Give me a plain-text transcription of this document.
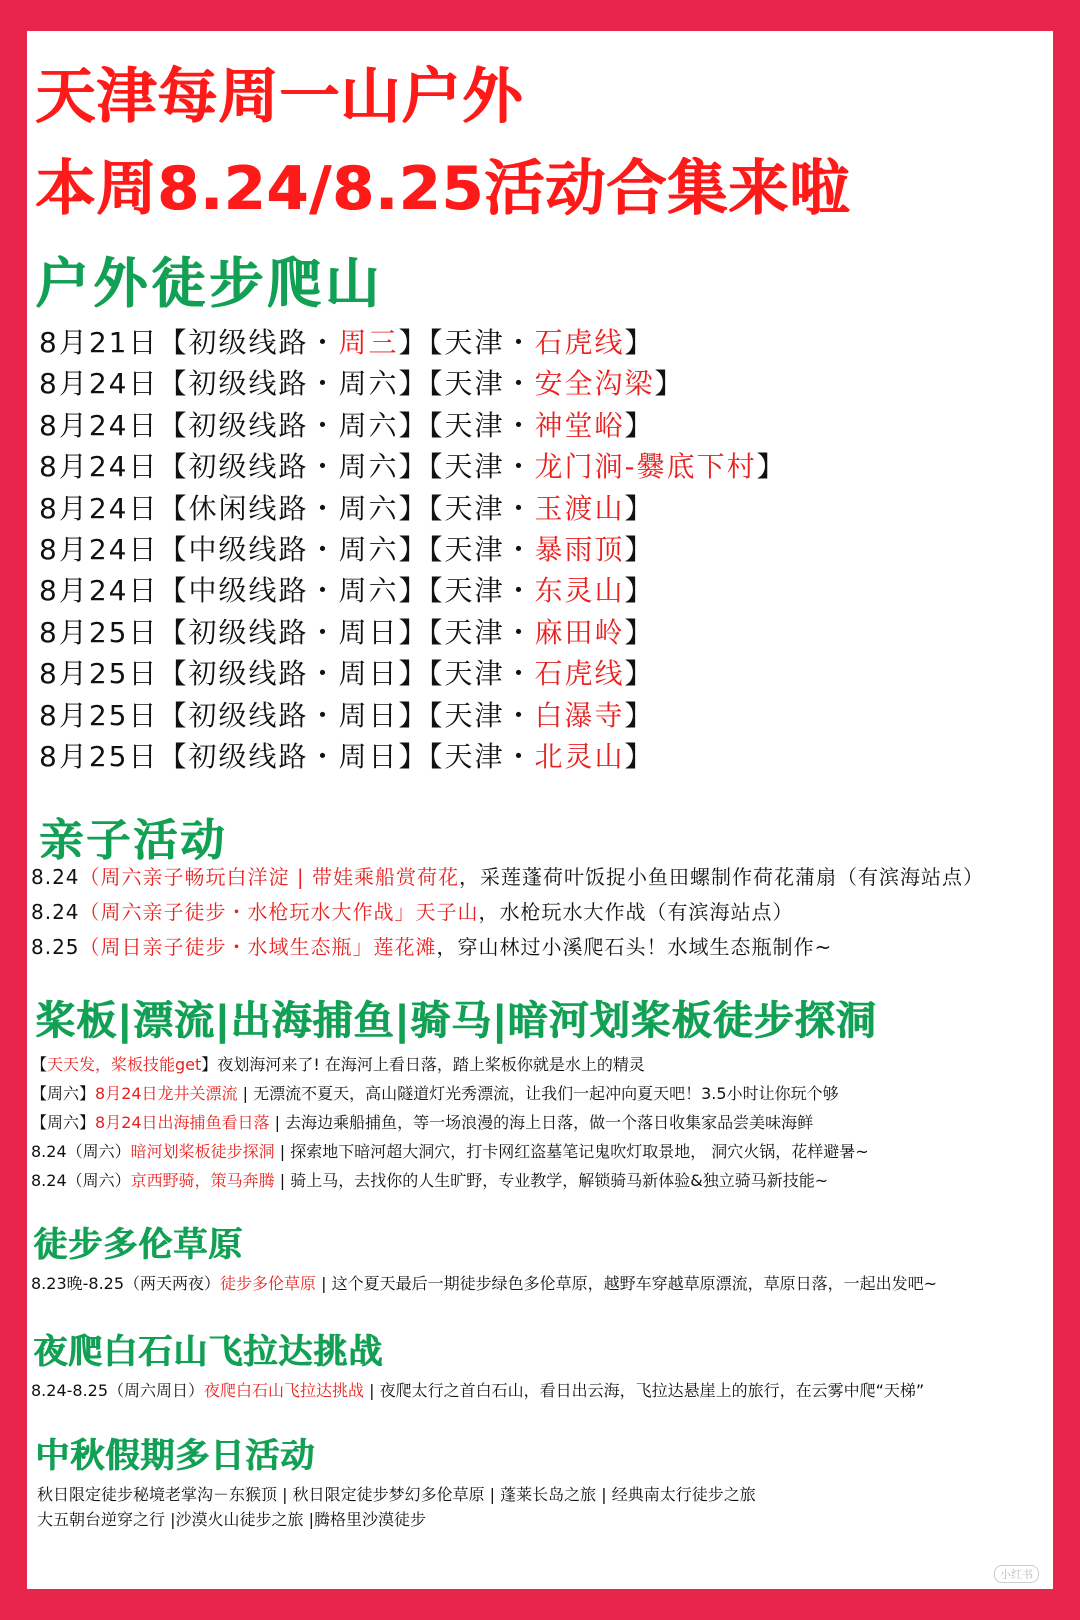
天津每周一山户外
本周8.24/8.25活动合集来啦
户外徒步爬山
8月21日【初级线路・周三】【天津・石虎线】
8月24日【初级线路・周六】【天津・安全沟梁】
8月24日【初级线路・周六】【天津・神堂峪】
8月24日【初级线路・周六】【天津・龙门涧-爨底下村】
8月24日【休闲线路・周六】【天津・玉渡山】
8月24日【中级线路・周六】【天津・暴雨顶】
8月24日【中级线路・周六】【天津・东灵山】
8月25日【初级线路・周日】【天津・麻田岭】
8月25日【初级线路・周日】【天津・石虎线】
8月25日【初级线路・周日】【天津・白瀑寺】
8月25日【初级线路・周日】【天津・北灵山】
亲子活动
8.24（周六亲子畅玩白洋淀 | 带娃乘船赏荷花，采莲蓬荷叶饭捉小鱼田螺制作荷花蒲扇（有滨海站点）
8.24（周六亲子徒步・水枪玩水大作战」天子山，水枪玩水大作战（有滨海站点）
8.25（周日亲子徒步・水域生态瓶」莲花滩，穿山林过小溪爬石头！水域生态瓶制作~
桨板|漂流|出海捕鱼|骑马|暗河划桨板徒步探洞
【天天发，桨板技能get】夜划海河来了! 在海河上看日落，踏上桨板你就是水上的精灵
【周六】8月24日龙井关漂流 | 无漂流不夏天，高山隧道灯光秀漂流，让我们一起冲向夏天吧！3.5小时让你玩个够
【周六】8月24日出海捕鱼看日落 | 去海边乘船捕鱼，等一场浪漫的海上日落，做一个落日收集家品尝美味海鲜
8.24（周六）暗河划桨板徒步探洞 | 探索地下暗河超大洞穴，打卡网红盗墓笔记鬼吹灯取景地， 洞穴火锅，花样避暑~
8.24（周六）京西野骑，策马奔腾 | 骑上马，去找你的人生旷野，专业教学，解锁骑马新体验&独立骑马新技能~
徒步多伦草原
8.23晚-8.25（两天两夜）徒步多伦草原 | 这个夏天最后一期徒步绿色多伦草原，越野车穿越草原漂流，草原日落，一起出发吧~
夜爬白石山飞拉达挑战
8.24-8.25（周六周日）夜爬白石山飞拉达挑战 | 夜爬太行之首白石山，看日出云海，飞拉达悬崖上的旅行，在云雾中爬“天梯”
中秋假期多日活动
秋日限定徒步秘境老掌沟－东猴顶 | 秋日限定徒步梦幻多伦草原 | 蓬莱长岛之旅 | 经典南太行徒步之旅
大五朝台逆穿之行 |沙漠火山徒步之旅 |腾格里沙漠徒步
小红书
